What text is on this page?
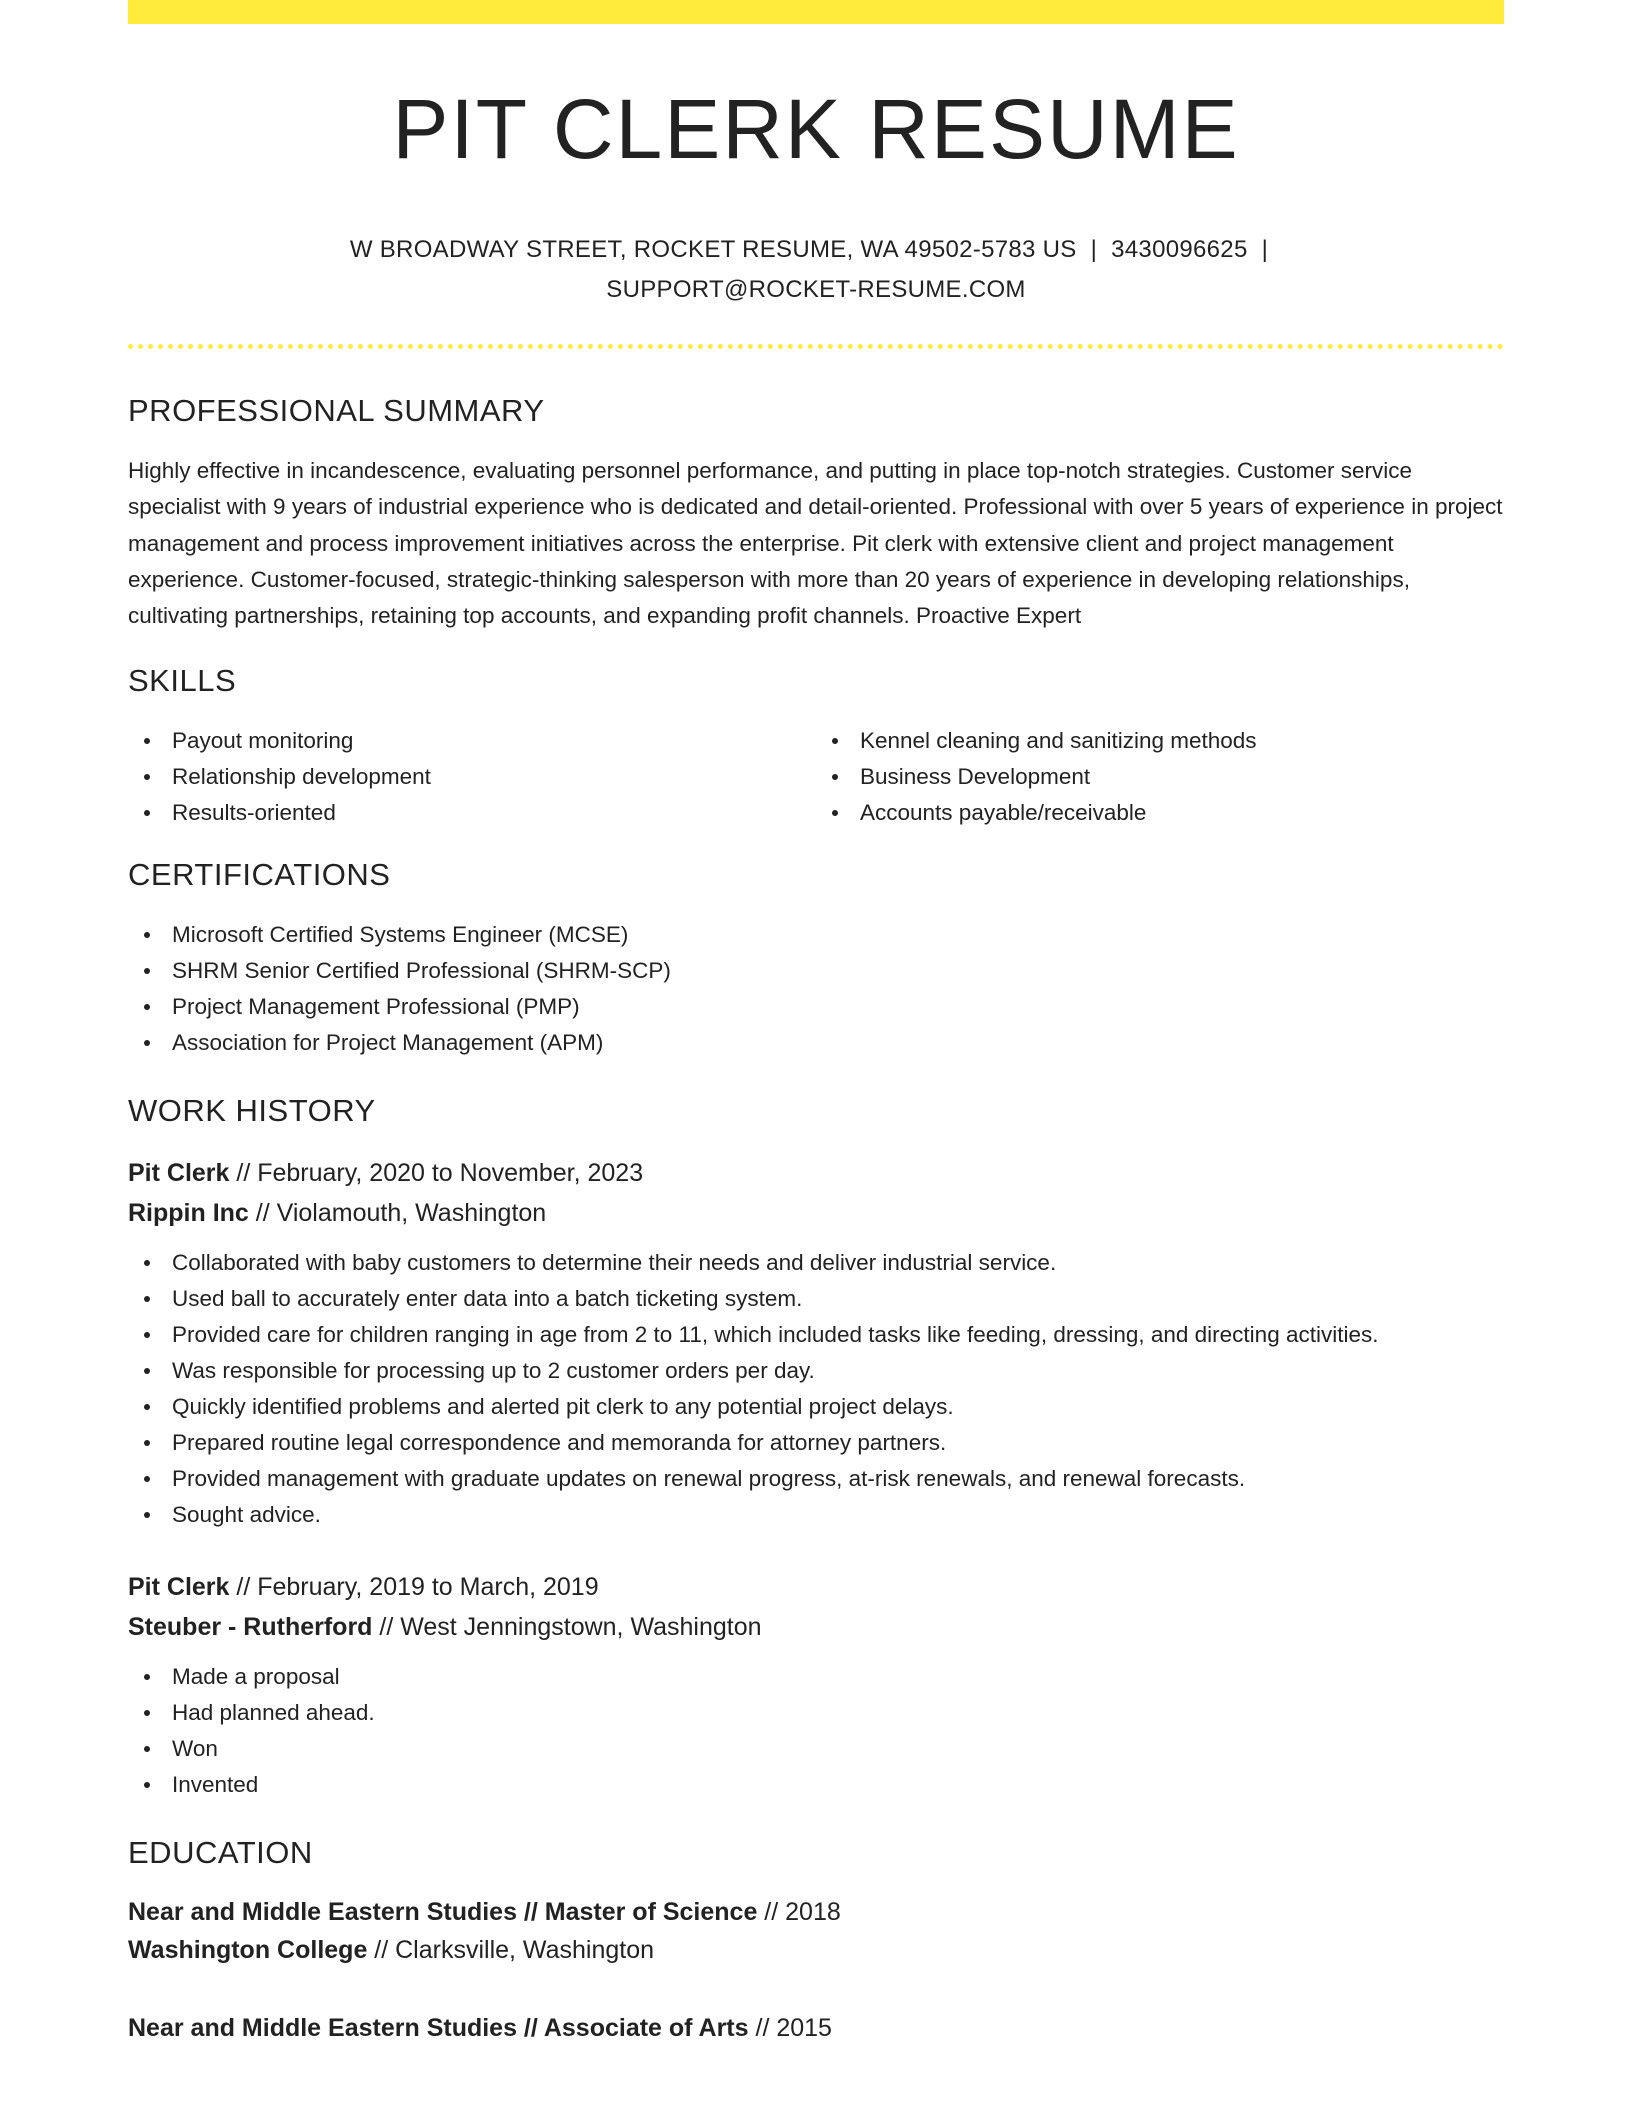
PIT CLERK RESUME
W BROADWAY STREET, ROCKET RESUME, WA 49502-5783 US | 3430096625 |
SUPPORT@ROCKET-RESUME.COM
PROFESSIONAL SUMMARY

Highly effective in incandescence, evaluating personnel performance, and putting in place top-notch strategies. Customer service specialist with 9 years of industrial experience who is dedicated and detail-oriented. Professional with over 5 years of experience in project management and process improvement initiatives across the enterprise. Pit clerk with extensive client and project management experience. Customer-focused, strategic-thinking salesperson with more than 20 years of experience in developing relationships, cultivating partnerships, retaining top accounts, and expanding profit channels. Proactive Expert

SKILLS
Payout monitoring
Relationship development
Results-oriented
Kennel cleaning and sanitizing methods
Business Development
Accounts payable/receivable
CERTIFICATIONS
Microsoft Certified Systems Engineer (MCSE)
SHRM Senior Certified Professional (SHRM-SCP)
Project Management Professional (PMP)
Association for Project Management (APM)
WORK HISTORY
Pit Clerk // February, 2020 to November, 2023
Rippin Inc // Violamouth, Washington
Collaborated with baby customers to determine their needs and deliver industrial service.
Used ball to accurately enter data into a batch ticketing system.
Provided care for children ranging in age from 2 to 11, which included tasks like feeding, dressing, and directing activities.
Was responsible for processing up to 2 customer orders per day.
Quickly identified problems and alerted pit clerk to any potential project delays.
Prepared routine legal correspondence and memoranda for attorney partners.
Provided management with graduate updates on renewal progress, at-risk renewals, and renewal forecasts.
Sought advice.
Pit Clerk // February, 2019 to March, 2019
Steuber - Rutherford // West Jenningstown, Washington
Made a proposal
Had planned ahead.
Won
Invented
EDUCATION
Near and Middle Eastern Studies // Master of Science // 2018
Washington College // Clarksville, Washington
Near and Middle Eastern Studies // Associate of Arts // 2015
